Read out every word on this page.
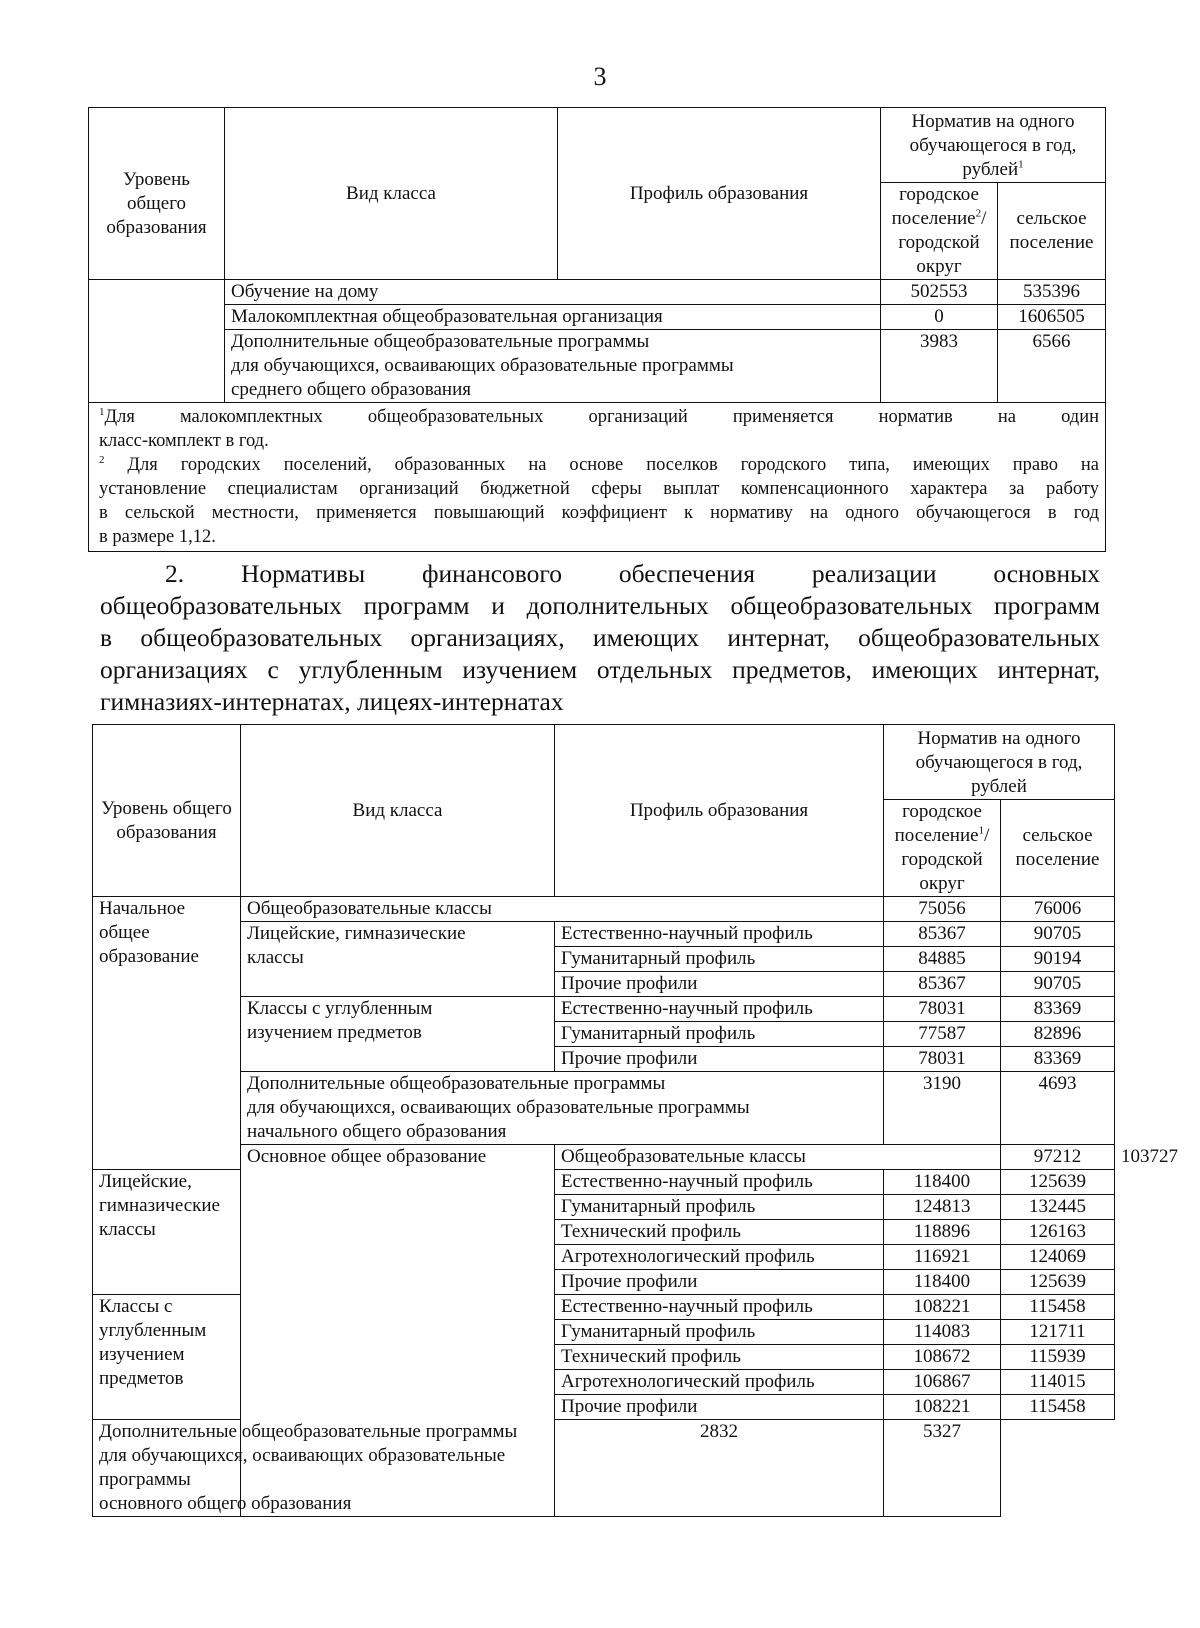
3
Уровень общего образования	Вид класса	Профиль образования	Норматив на одного обучающегося в год, рублей$^1$
			городское поселение$^2$/ городской округ	сельское поселение
	Обучение на дому		502553	535396
	Малокомплектная общеобразовательная организация		0	1606505

	Дополнительные общеобразовательные программы
для обучающихся, осваивающих образовательные программы
среднего общего образования		3983	6566

$^1$Для малокомплектных общеобразовательных организаций применяется норматив на один
класс-комплект в год.
$^2$ Для городских поселений, образованных на основе поселков городского типа, имеющих право на
установление специалистам организаций бюджетной сферы выплат компенсационного характера за работу
в сельской местности, применяется повышающий коэффициент к нормативу на одного обучающегося в год
в размере 1,12.
2. Нормативы финансового обеспечения реализации основных
общеобразовательных программ и дополнительных общеобразовательных программ
в общеобразовательных организациях, имеющих интернат, общеобразовательных
организациях с углубленным изучением отдельных предметов, имеющих интернат,
гимназиях-интернатах, лицеях-интернатах
Уровень общего образования	Вид класса	Профиль образования	Норматив на одного обучающегося в год, рублей		
			городское поселение$^1$/ городской округ	сельское поселение	
Начальное общее образование	Общеобразовательные классы		75056	76006	
	Лицейские, гимназические классы	Естественно-научный профиль	85367	90705	
		Гуманитарный профиль	84885	90194	
		Прочие профили	85367	90705	
	Классы с углубленным изучением предметов	Естественно-научный профиль	78031	83369	
		Гуманитарный профиль	77587	82896	
		Прочие профили	78031	83369	

	Дополнительные общеобразовательные программы
для обучающихся, осваивающих образовательные программы
начального общего образования		3190	4693	
	Основное общее образование	Общеобразовательные классы		97212	103727
Лицейские, гимназические классы		Естественно-научный профиль	118400	125639	
		Гуманитарный профиль	124813	132445	
		Технический профиль	118896	126163	
		Агротехнологический профиль	116921	124069	
		Прочие профили	118400	125639	
Классы с углубленным изучением предметов		Естественно-научный профиль	108221	115458	
		Гуманитарный профиль	114083	121711	
		Технический профиль	108672	115939	
		Агротехнологический профиль	106867	114015	
		Прочие профили	108221	115458	

Дополнительные общеобразовательные программы
для обучающихся, осваивающих образовательные программы
основного общего образования		2832	5327		
